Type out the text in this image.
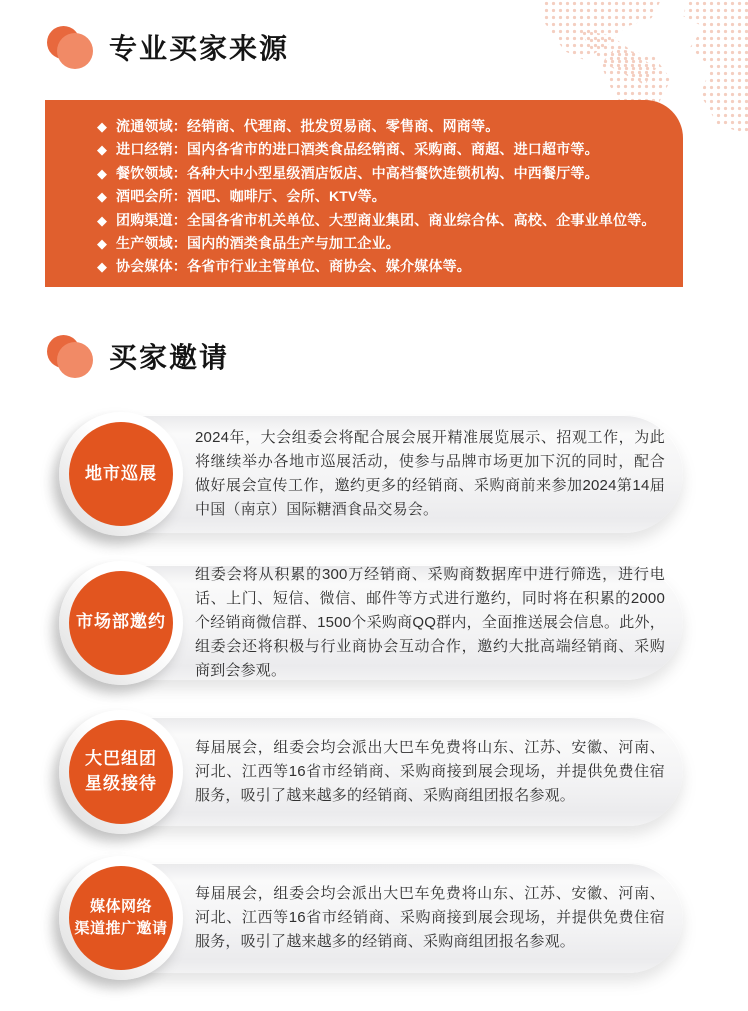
专业买家来源
◆ 流通领域：经销商、代理商、批发贸易商、零售商、网商等。
◆ 进口经销：国内各省市的进口酒类食品经销商、采购商、商超、进口超市等。
◆ 餐饮领域：各种大中小型星级酒店饭店、中高档餐饮连锁机构、中西餐厅等。
◆ 酒吧会所：酒吧、咖啡厅、会所、KTV等。
◆ 团购渠道：全国各省市机关单位、大型商业集团、商业综合体、高校、企事业单位等。
◆ 生产领域：国内的酒类食品生产与加工企业。
◆ 协会媒体：各省市行业主管单位、商协会、媒介媒体等。
买家邀请
地市巡展

2024年，大会组委会将配合展会展开精准展览展示、招观工作，为此将继续举办各地市巡展活动，使参与品牌市场更加下沉的同时，配合做好展会宣传工作，邀约更多的经销商、采购商前来参加2024第14届中国（南京）国际糖酒食品交易会。

市场部邀约

组委会将从积累的300万经销商、采购商数据库中进行筛选，进行电话、上门、短信、微信、邮件等方式进行邀约，同时将在积累的2000个经销商微信群、1500个采购商QQ群内，全面推送展会信息。此外，组委会还将积极与行业商协会互动合作，邀约大批高端经销商、采购商到会参观。

大巴组团
星级接待

每届展会，组委会均会派出大巴车免费将山东、江苏、安徽、河南、河北、江西等16省市经销商、采购商接到展会现场，并提供免费住宿服务，吸引了越来越多的经销商、采购商组团报名参观。

媒体网络
渠道推广邀请

每届展会，组委会均会派出大巴车免费将山东、江苏、安徽、河南、河北、江西等16省市经销商、采购商接到展会现场，并提供免费住宿服务，吸引了越来越多的经销商、采购商组团报名参观。
